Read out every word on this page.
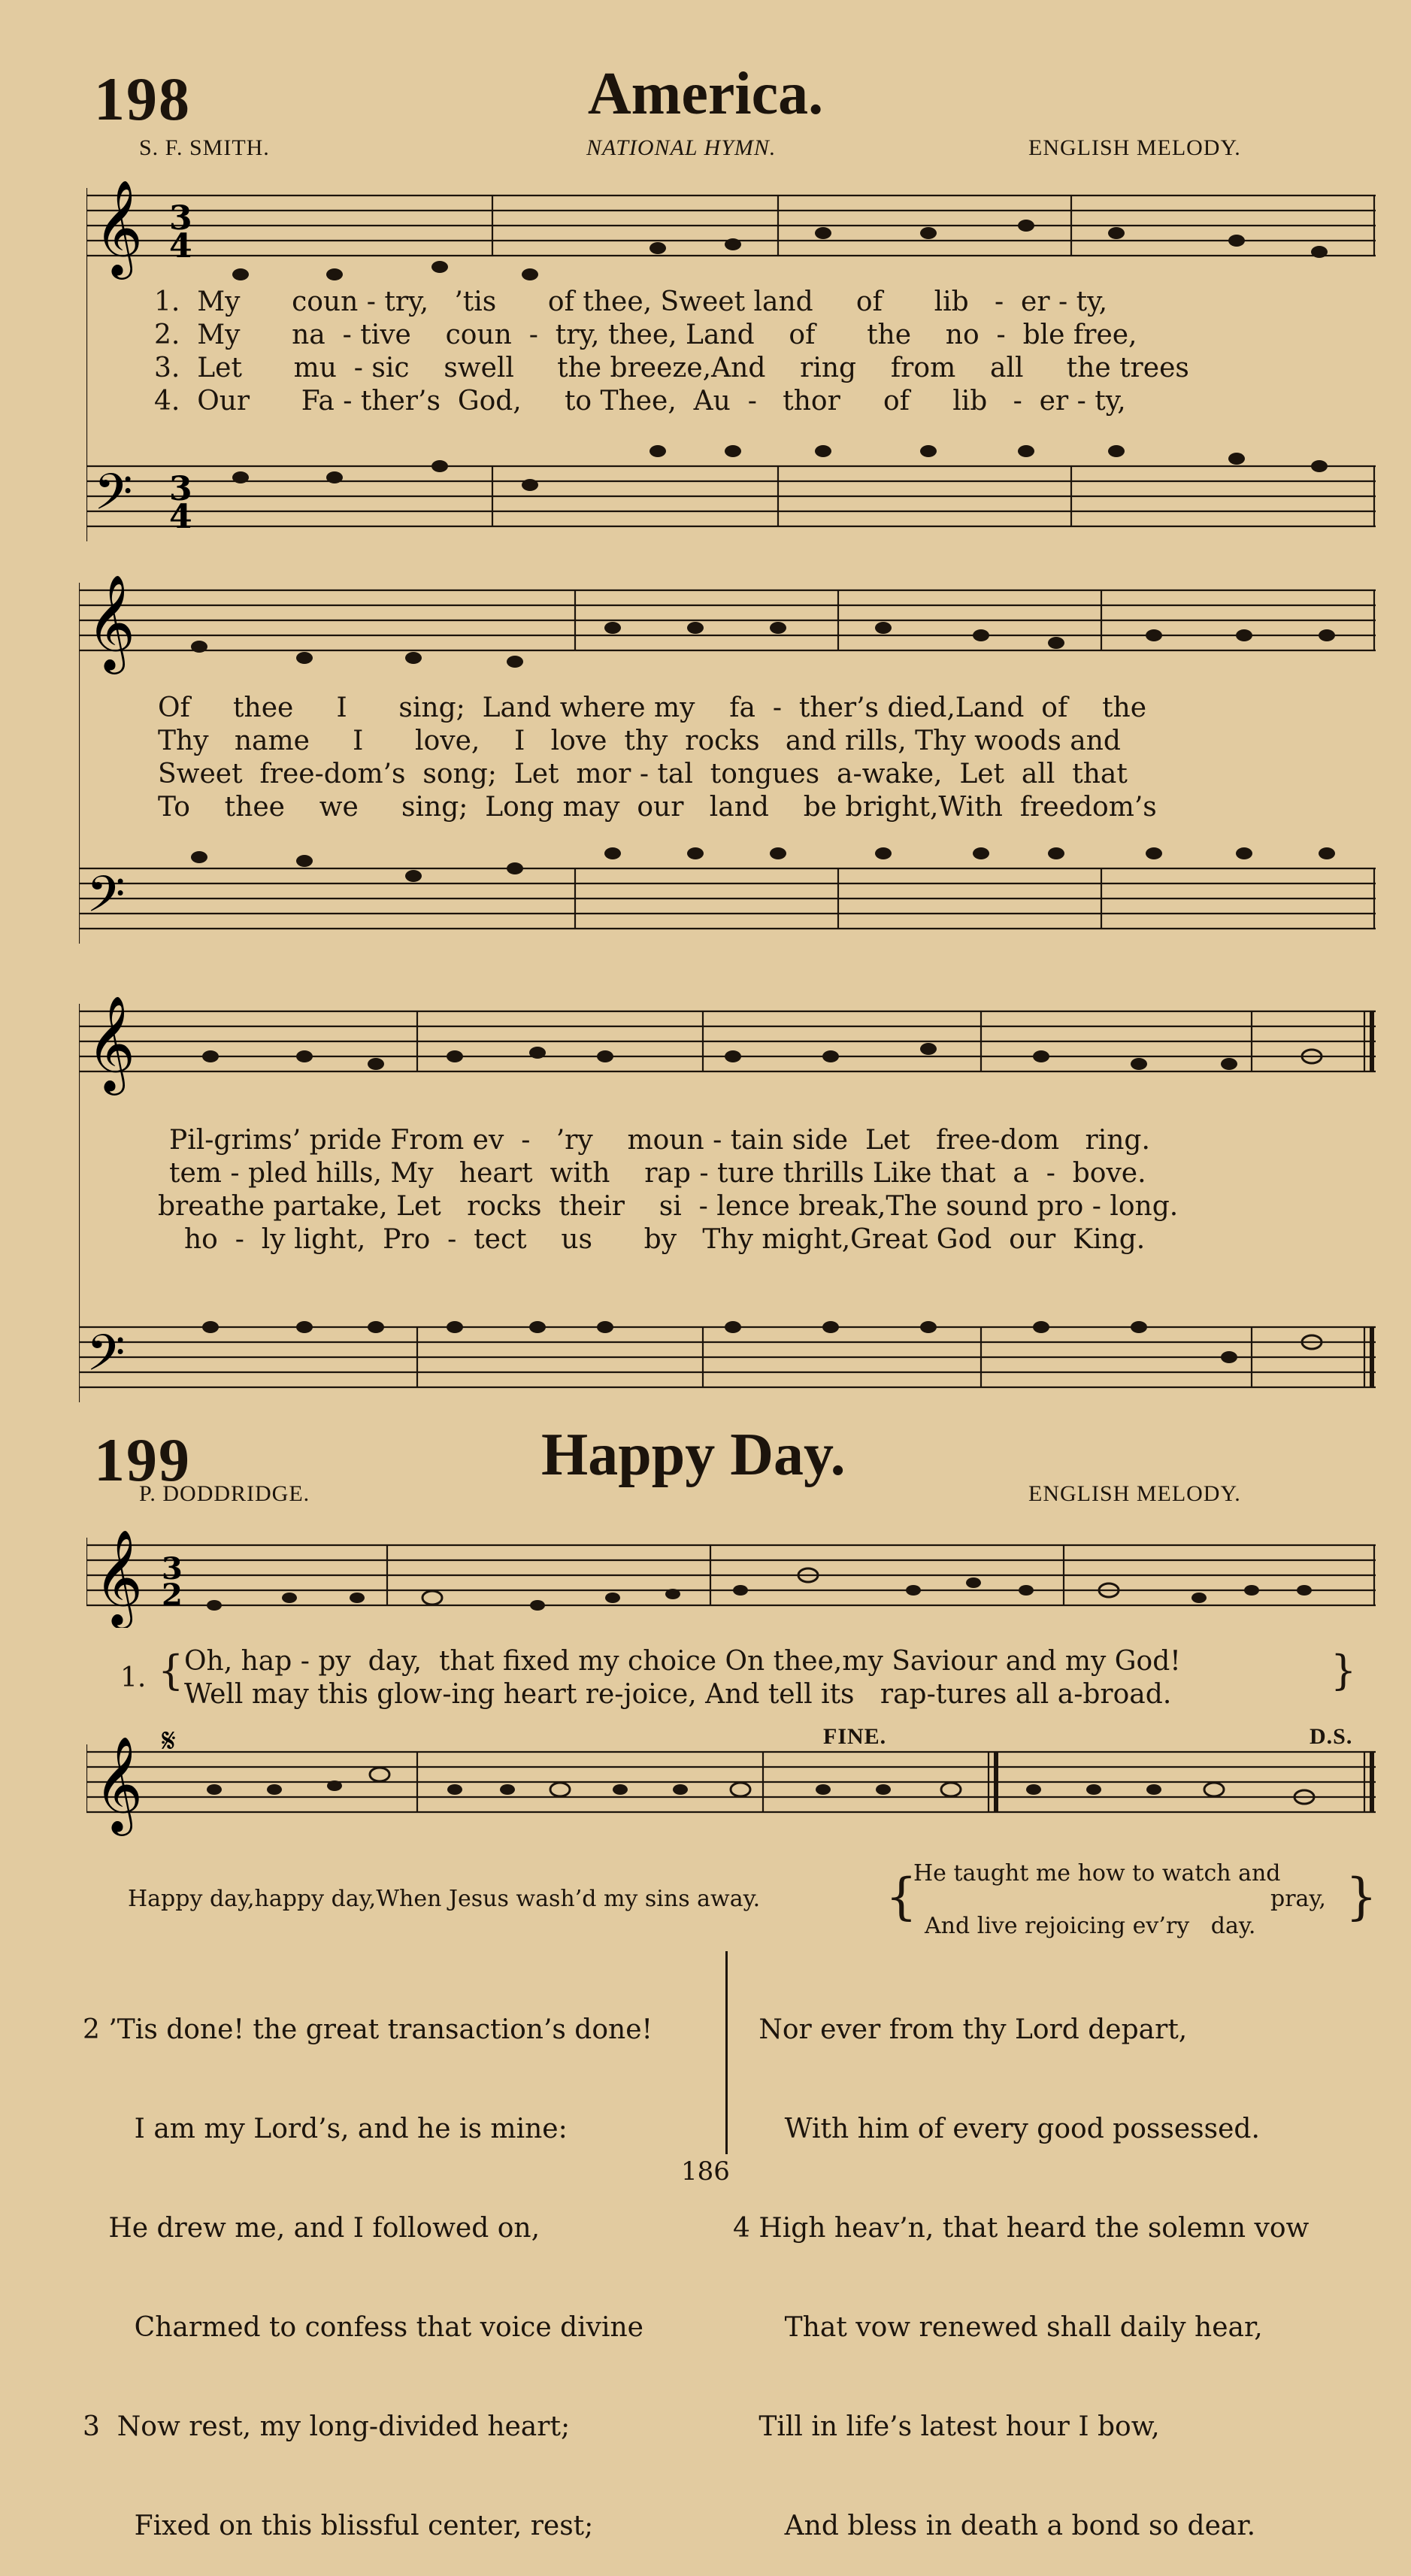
198	America.
S. F. SMITH.	NATIONAL HYMN.	ENGLISH MELODY.
𝄞
𝄢
3
4
3
4
1.  My      coun - try,   ’tis      of thee, Sweet land     of      lib   -  er - ty,
2.  My      na  - tive    coun  -  try, thee, Land    of      the    no  -  ble free,
3.  Let      mu  - sic    swell     the breeze,And    ring    from    all     the trees
4.  Our      Fa - ther’s  God,     to Thee,  Au  -   thor     of     lib   -  er - ty,
𝄞
𝄢
Of     thee     I      sing;  Land where my    fa  -  ther’s died,Land  of    the
Thy   name     I      love,    I   love  thy  rocks   and rills, Thy woods and
Sweet  free-dom’s  song;  Let  mor - tal  tongues  a-wake,  Let  all  that
To    thee    we     sing;  Long may  our   land    be bright,With  freedom’s
𝄞
𝄢
Pil-grims’ pride From ev  -   ’ry    moun - tain side  Let   free-dom   ring.
tem - pled hills, My   heart  with    rap - ture thrills Like that  a  -  bove.
breathe partake, Let   rocks  their    si  - lence break,The sound pro - long.
ho  -  ly light,  Pro  -  tect    us      by   Thy might,Great God  our  King.
199	Happy Day.
P. DODDRIDGE.	ENGLISH MELODY.
𝄞 3
2
1. { Oh, hap - py  day,  that fixed my choice On thee,my Saviour and my God!
Well may this glow-ing heart re-joice, And tell its   rap-tures all a-broad.
}
𝄞 𝄋	FINE.	D.S.
Happy day,happy day,When Jesus wash’d my sins away.	{
He taught me how to watch and
pray,
And live rejoicing ev’ry   day.
}

2 ’Tis done! the great transaction’s done!

I am my Lord’s, and he is mine:

He drew me, and I followed on,

Charmed to confess that voice divine

3  Now rest, my long-divided heart;

Fixed on this blissful center, rest;

Nor ever from thy Lord depart,

With him of every good possessed.

4 High heav’n, that heard the solemn vow

That vow renewed shall daily hear,

Till in life’s latest hour I bow,

And bless in death a bond so dear.

186
